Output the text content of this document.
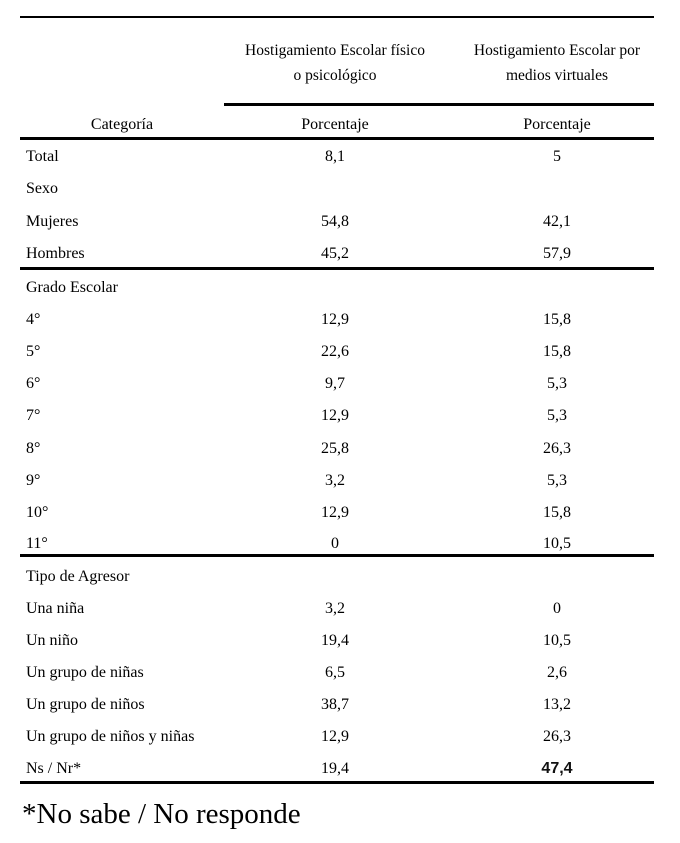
Hostigamiento Escolar físico
o psicológico
Hostigamiento Escolar por
medios virtuales
Categoría	Porcentaje	Porcentaje
Total	8,1	5
Sexo
Mujeres	54,8	42,1
Hombres	45,2	57,9
Grado Escolar
4°	12,9	15,8
5°	22,6	15,8
6°	9,7	5,3
7°	12,9	5,3
8°	25,8	26,3
9°	3,2	5,3
10°	12,9	15,8
11°	0	10,5
Tipo de Agresor
Una niña	3,2	0
Un niño	19,4	10,5
Un grupo de niñas	6,5	2,6
Un grupo de niños	38,7	13,2
Un grupo de niños y niñas	12,9	26,3
Ns / Nr*	19,4	47,4
*No sabe / No responde
